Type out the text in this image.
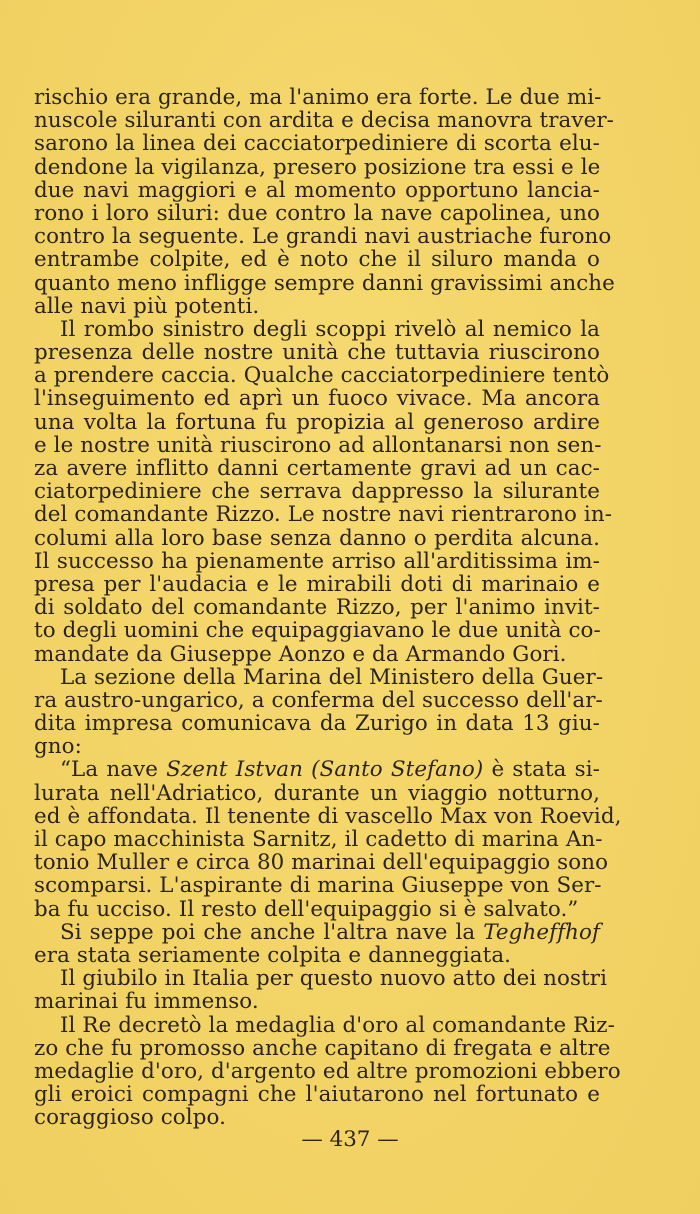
rischio era grande, ma l'animo era forte. Le due mi-
nuscole siluranti con ardita e decisa manovra traver-
sarono la linea dei cacciatorpediniere di scorta elu-
dendone la vigilanza, presero posizione tra essi e le
due navi maggiori e al momento opportuno lancia-
rono i loro siluri: due contro la nave capolinea, uno
contro la seguente. Le grandi navi austriache furono
entrambe colpite, ed è noto che il siluro manda o
quanto meno infligge sempre danni gravissimi anche
alle navi più potenti.
Il rombo sinistro degli scoppi rivelò al nemico la
presenza delle nostre unità che tuttavia riuscirono
a prendere caccia. Qualche cacciatorpediniere tentò
l'inseguimento ed aprì un fuoco vivace. Ma ancora
una volta la fortuna fu propizia al generoso ardire
e le nostre unità riuscirono ad allontanarsi non sen-
za avere inflitto danni certamente gravi ad un cac-
ciatorpediniere che serrava dappresso la silurante
del comandante Rizzo. Le nostre navi rientrarono in-
columi alla loro base senza danno o perdita alcuna.
Il successo ha pienamente arriso all'arditissima im-
presa per l'audacia e le mirabili doti di marinaio e
di soldato del comandante Rizzo, per l'animo invit-
to degli uomini che equipaggiavano le due unità co-
mandate da Giuseppe Aonzo e da Armando Gori.
La sezione della Marina del Ministero della Guer-
ra austro-ungarico, a conferma del successo dell'ar-
dita impresa comunicava da Zurigo in data 13 giu-
gno:
“La nave Szent Istvan (Santo Stefano) è stata si-
lurata nell'Adriatico, durante un viaggio notturno,
ed è affondata. Il tenente di vascello Max von Roevid,
il capo macchinista Sarnitz, il cadetto di marina An-
tonio Muller e circa 80 marinai dell'equipaggio sono
scomparsi. L'aspirante di marina Giuseppe von Ser-
ba fu ucciso. Il resto dell'equipaggio si è salvato.”
Si seppe poi che anche l'altra nave la Tegheffhof
era stata seriamente colpita e danneggiata.
Il giubilo in Italia per questo nuovo atto dei nostri
marinai fu immenso.
Il Re decretò la medaglia d'oro al comandante Riz-
zo che fu promosso anche capitano di fregata e altre
medaglie d'oro, d'argento ed altre promozioni ebbero
gli eroici compagni che l'aiutarono nel fortunato e
coraggioso colpo.
— 437 —
